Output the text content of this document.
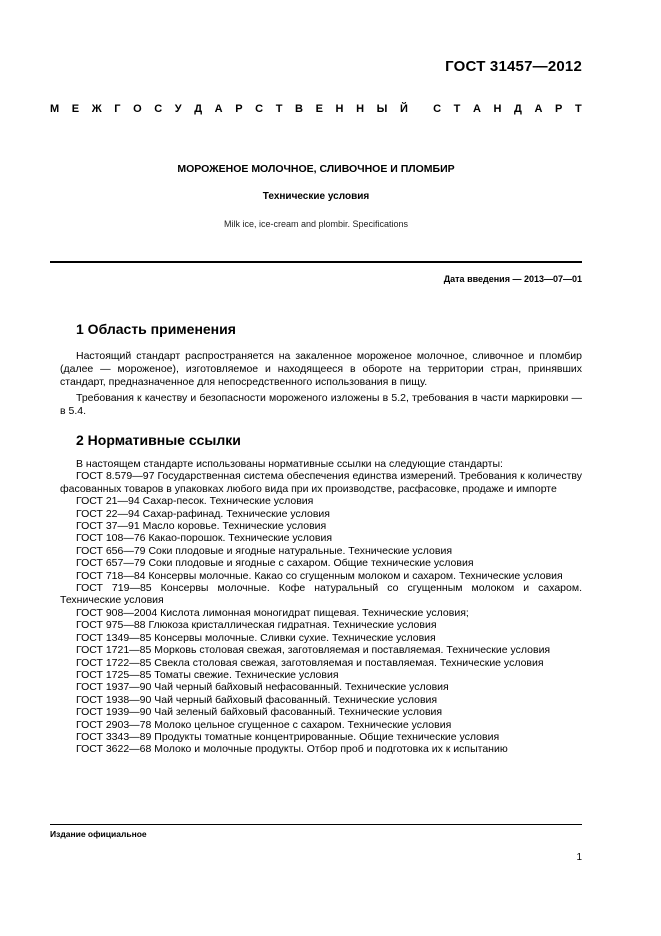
ГОСТ 31457—2012
М Е Ж Г О С У Д А Р С Т В Е Н Н Ы Й С Т А Н Д А Р Т
МОРОЖЕНОЕ МОЛОЧНОЕ, СЛИВОЧНОЕ И ПЛОМБИР
Технические условия
Milk ice, ice-cream and plombir. Specifications
Дата введения — 2013—07—01
1 Область применения
Настоящий стандарт распространяется на закаленное мороженое молочное, сливочное и пломбир (далее — мороженое), изготовляемое и находящееся в обороте на территории стран, принявших стандарт, предназначенное для непосредственного использования в пищу.
Требования к качеству и безопасности мороженого изложены в 5.2, требования в части маркировки — в 5.4.
2 Нормативные ссылки
В настоящем стандарте использованы нормативные ссылки на следующие стандарты:
ГОСТ 8.579—97 Государственная система обеспечения единства измерений. Требования к количеству фасованных товаров в упаковках любого вида при их производстве, расфасовке, продаже и импорте
ГОСТ 21—94 Сахар-песок. Технические условия
ГОСТ 22—94 Сахар-рафинад. Технические условия
ГОСТ 37—91 Масло коровье. Технические условия
ГОСТ 108—76 Какао-порошок. Технические условия
ГОСТ 656—79 Соки плодовые и ягодные натуральные. Технические условия
ГОСТ 657—79 Соки плодовые и ягодные с сахаром. Общие технические условия
ГОСТ 718—84 Консервы молочные. Какао со сгущенным молоком и сахаром. Технические условия
ГОСТ 719—85 Консервы молочные. Кофе натуральный со сгущенным молоком и сахаром. Технические условия
ГОСТ 908—2004 Кислота лимонная моногидрат пищевая. Технические условия;
ГОСТ 975—88 Глюкоза кристаллическая гидратная. Технические условия
ГОСТ 1349—85 Консервы молочные. Сливки сухие. Технические условия
ГОСТ 1721—85 Морковь столовая свежая, заготовляемая и поставляемая. Технические условия
ГОСТ 1722—85 Свекла столовая свежая, заготовляемая и поставляемая. Технические условия
ГОСТ 1725—85 Томаты свежие. Технические условия
ГОСТ 1937—90 Чай черный байховый нефасованный. Технические условия
ГОСТ 1938—90 Чай черный байховый фасованный. Технические условия
ГОСТ 1939—90 Чай зеленый байховый фасованный. Технические условия
ГОСТ 2903—78 Молоко цельное сгущенное с сахаром. Технические условия
ГОСТ 3343—89 Продукты томатные концентрированные. Общие технические условия
ГОСТ 3622—68 Молоко и молочные продукты. Отбор проб и подготовка их к испытанию
Издание официальное
1
